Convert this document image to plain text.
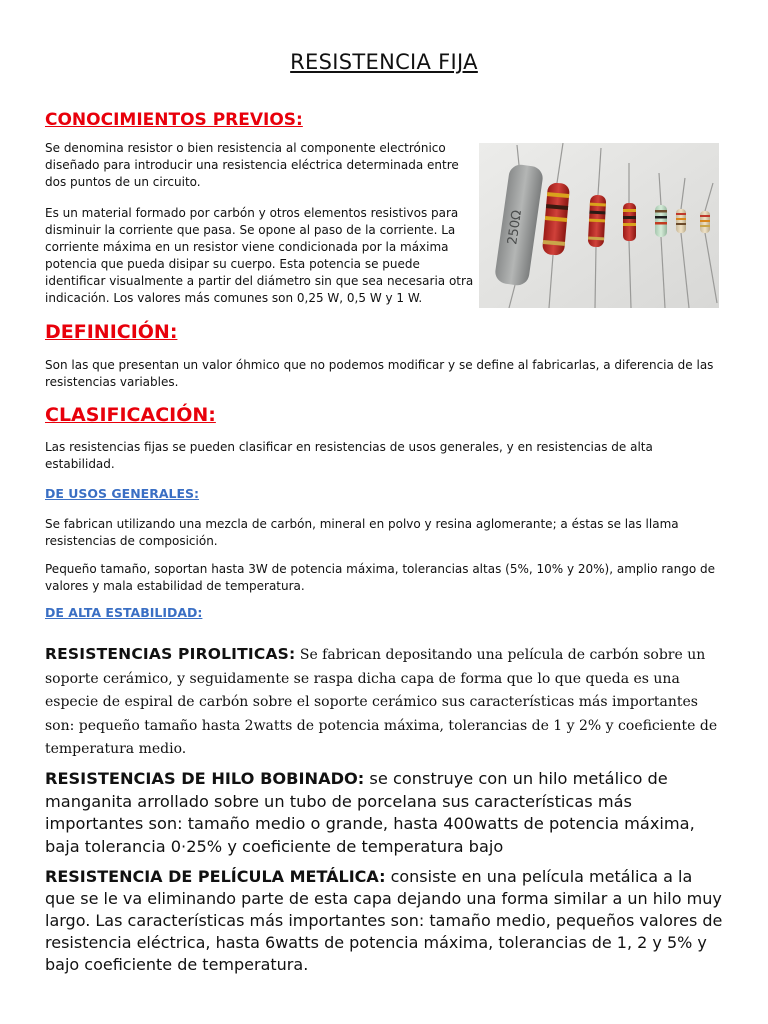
RESISTENCIA FIJA
CONOCIMIENTOS PREVIOS:

Se denomina resistor o bien resistencia al componente electrónico diseñado para introducir una resistencia eléctrica determinada entre dos puntos de un circuito.

Es un material formado por carbón y otros elementos resistivos para disminuir la corriente que pasa. Se opone al paso de la corriente. La corriente máxima en un resistor viene condicionada por la máxima potencia que pueda disipar su cuerpo. Esta potencia se puede identificar visualmente a partir del diámetro sin que sea necesaria otra indicación. Los valores más comunes son 0,25 W, 0,5 W y 1 W.

250Ω
DEFINICIÓN:

Son las que presentan un valor óhmico que no podemos modificar y se define al fabricarlas, a diferencia de las resistencias variables.

CLASIFICACIÓN:

Las resistencias fijas se pueden clasificar en resistencias de usos generales, y en resistencias de alta estabilidad.

DE USOS GENERALES:

Se fabrican utilizando una mezcla de carbón, mineral en polvo y resina aglomerante; a éstas se las llama resistencias de composición.

Pequeño tamaño, soportan hasta 3W de potencia máxima, tolerancias altas (5%, 10% y 20%), amplio rango de valores y mala estabilidad de temperatura.

DE ALTA ESTABILIDAD:

RESISTENCIAS PIROLITICAS: Se fabrican depositando una película de carbón sobre un soporte cerámico, y seguidamente se raspa dicha capa de forma que lo que queda es una especie de espiral de carbón sobre el soporte cerámico sus características más importantes son: pequeño tamaño hasta 2watts de potencia máxima, tolerancias de 1 y 2% y coeficiente de temperatura medio.

RESISTENCIAS DE HILO BOBINADO: se construye con un hilo metálico de manganita arrollado sobre un tubo de porcelana sus características más importantes son: tamaño medio o grande, hasta 400watts de potencia máxima, baja tolerancia 0·25% y coeficiente de temperatura bajo

RESISTENCIA DE PELÍCULA METÁLICA: consiste en una película metálica a la que se le va eliminando parte de esta capa dejando una forma similar a un hilo muy largo. Las características más importantes son: tamaño medio, pequeños valores de resistencia eléctrica, hasta 6watts de potencia máxima, tolerancias de 1, 2 y 5% y bajo coeficiente de temperatura.
